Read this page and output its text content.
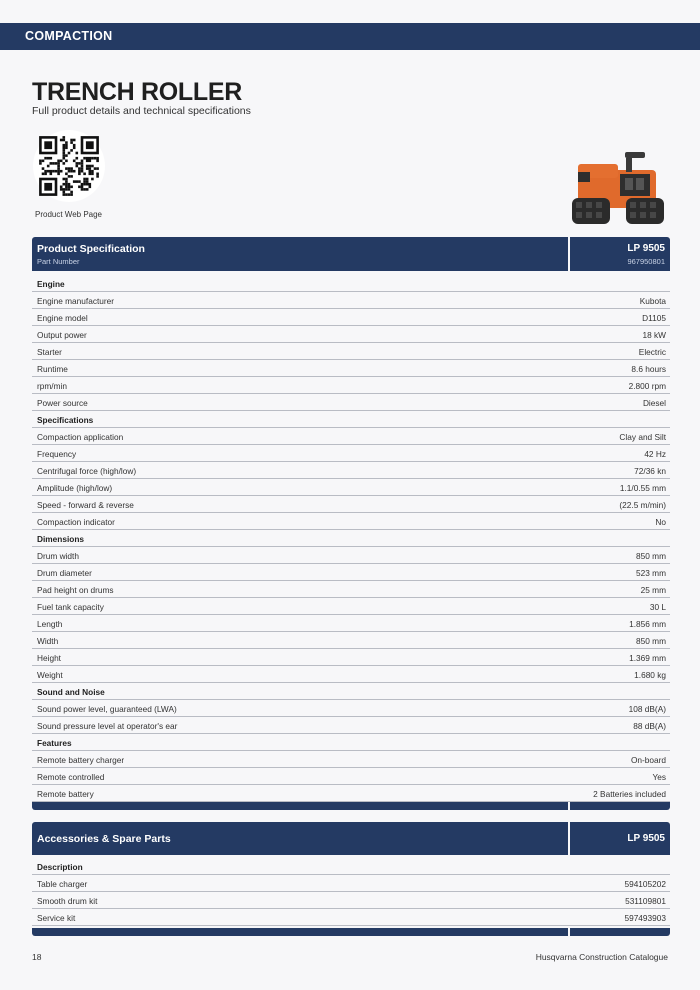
COMPACTION
TRENCH ROLLER
Full product details and technical specifications
Product Web Page
Product Specification
Part Number
LP 9505
967950801
Engine
Engine manufacturer	Kubota
Engine model	D1105
Output power	18 kW
Starter	Electric
Runtime	8.6 hours
rpm/min	2.800 rpm
Power source	Diesel
Specifications
Compaction application	Clay and Silt
Frequency	42 Hz
Centrifugal force (high/low)	72/36 kn
Amplitude (high/low)	1.1/0.55 mm
Speed - forward & reverse	(22.5 m/min)
Compaction indicator	No
Dimensions
Drum width	850 mm
Drum diameter	523 mm
Pad height on drums	25 mm
Fuel tank capacity	30 L
Length	1.856 mm
Width	850 mm
Height	1.369 mm
Weight	1.680 kg
Sound and Noise
Sound power level, guaranteed (LWA)	108 dB(A)
Sound pressure level at operator's ear	88 dB(A)
Features
Remote battery charger	On-board
Remote controlled	Yes
Remote battery	2 Batteries included
Accessories & Spare Parts	LP 9505
Description
Table charger	594105202
Smooth drum kit	531109801
Service kit	597493903
18	Husqvarna Construction Catalogue
